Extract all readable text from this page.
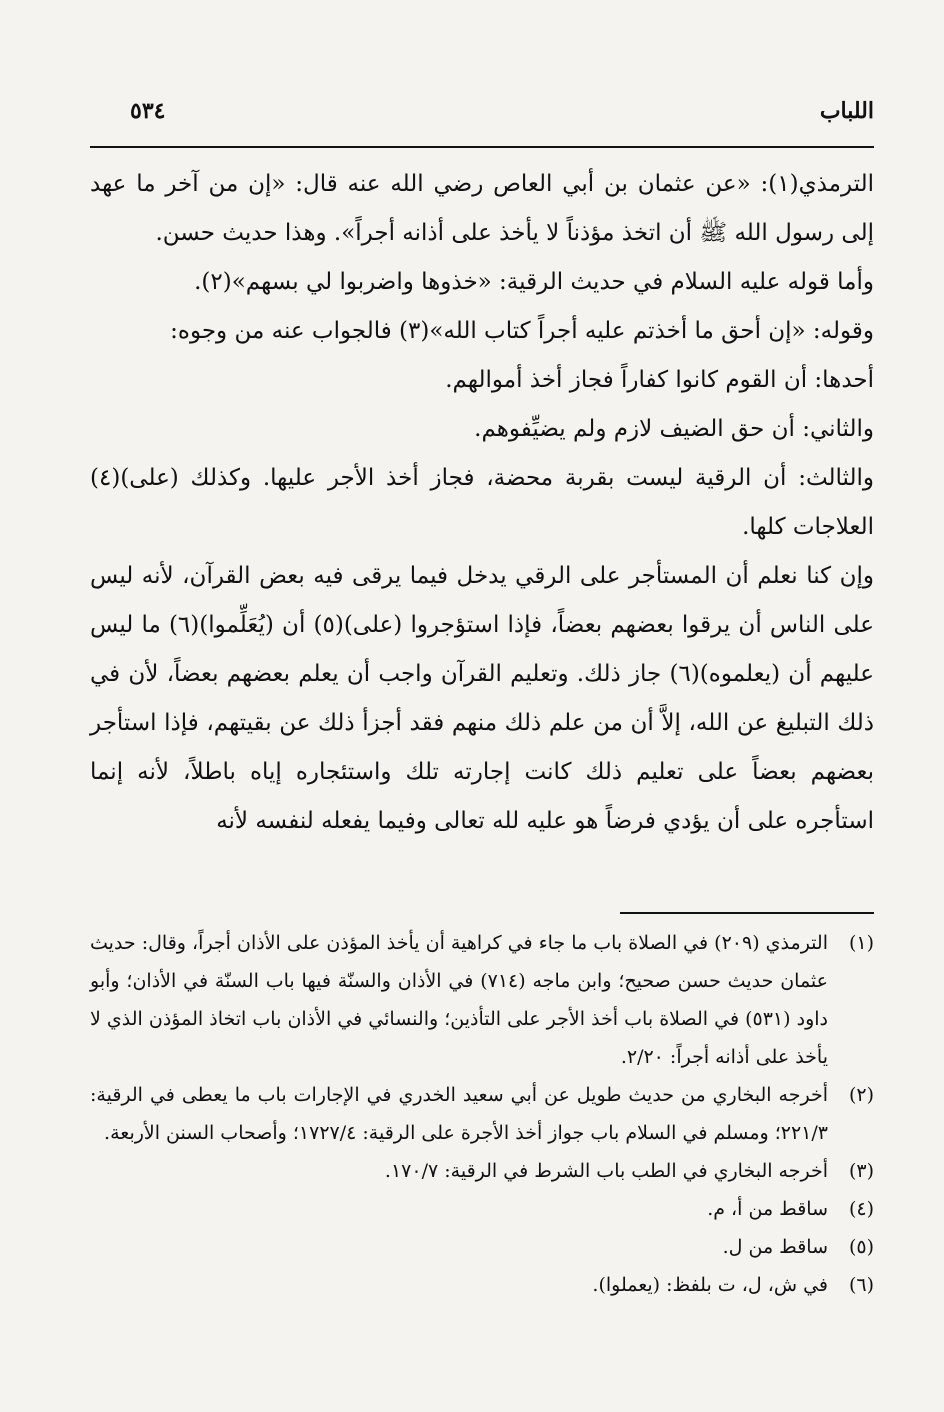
اللباب
٥٣٤

الترمذي(١): «عن عثمان بن أبي العاص رضي الله عنه قال: «إن من آخر ما عهد إلى رسول الله ﷺ أن اتخذ مؤذناً لا يأخذ على أذانه أجراً». وهذا حديث حسن.

وأما قوله عليه السلام في حديث الرقية: «خذوها واضربوا لي بسهم»(٢).

وقوله: «إن أحق ما أخذتم عليه أجراً كتاب الله»(٣) فالجواب عنه من وجوه:

أحدها: أن القوم كانوا كفاراً فجاز أخذ أموالهم.

والثاني: أن حق الضيف لازم ولم يضيِّفوهم.

والثالث: أن الرقية ليست بقربة محضة، فجاز أخذ الأجر عليها. وكذلك (على)(٤) العلاجات كلها.

وإن كنا نعلم أن المستأجر على الرقي يدخل فيما يرقى فيه بعض القرآن، لأنه ليس على الناس أن يرقوا بعضهم بعضاً، فإذا استؤجروا (على)(٥) أن (يُعَلِّموا)(٦) ما ليس عليهم أن (يعلموه)(٦) جاز ذلك. وتعليم القرآن واجب أن يعلم بعضهم بعضاً، لأن في ذلك التبليغ عن الله، إلاَّ أن من علم ذلك منهم فقد أجزأ ذلك عن بقيتهم، فإذا استأجر بعضهم بعضاً على تعليم ذلك كانت إجارته تلك واستئجاره إياه باطلاً، لأنه إنما استأجره على أن يؤدي فرضاً هو عليه لله تعالى وفيما يفعله لنفسه لأنه

(١)
الترمذي (٢٠٩) في الصلاة باب ما جاء في كراهية أن يأخذ المؤذن على الأذان أجراً، وقال: حديث عثمان حديث حسن صحيح؛ وابن ماجه (٧١٤) في الأذان والسنّة فيها باب السنّة في الأذان؛ وأبو داود (٥٣١) في الصلاة باب أخذ الأجر على التأذين؛ والنسائي في الأذان باب اتخاذ المؤذن الذي لا يأخذ على أذانه أجراً: ٢/٢٠.
(٢)
أخرجه البخاري من حديث طويل عن أبي سعيد الخدري في الإجارات باب ما يعطى في الرقية: ٢٢١/٣؛ ومسلم في السلام باب جواز أخذ الأجرة على الرقية: ١٧٢٧/٤؛ وأصحاب السنن الأربعة.
(٣)
أخرجه البخاري في الطب باب الشرط في الرقية: ١٧٠/٧.
(٤)
ساقط من أ، م.
(٥)
ساقط من ل.
(٦)
في ش، ل، ت بلفظ: (يعملوا).
